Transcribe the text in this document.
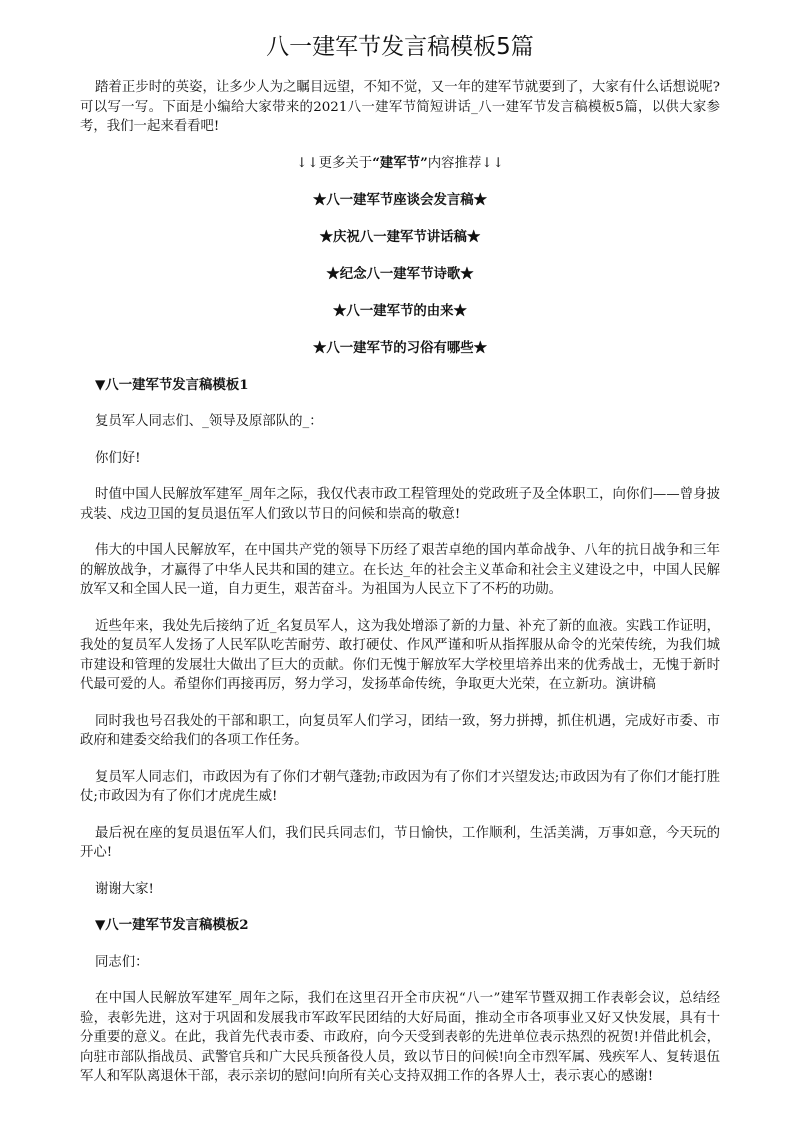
八一建军节发言稿模板5篇

踏着正步时的英姿，让多少人为之瞩目远望，不知不觉，又一年的建军节就要到了，大家有什么话想说呢?可以写一写。下面是小编给大家带来的2021八一建军节简短讲话_八一建军节发言稿模板5篇，以供大家参考，我们一起来看看吧!

↓↓更多关于“建军节”内容推荐↓↓

★八一建军节座谈会发言稿★

★庆祝八一建军节讲话稿★

★纪念八一建军节诗歌★

★八一建军节的由来★

★八一建军节的习俗有哪些★

▼八一建军节发言稿模板1

复员军人同志们、_领导及原部队的_：

你们好!

时值中国人民解放军建军_周年之际，我仅代表市政工程管理处的党政班子及全体职工，向你们——曾身披戎装、戍边卫国的复员退伍军人们致以节日的问候和崇高的敬意!

伟大的中国人民解放军，在中国共产党的领导下历经了艰苦卓绝的国内革命战争、八年的抗日战争和三年的解放战争，才赢得了中华人民共和国的建立。在长达_年的社会主义革命和社会主义建设之中，中国人民解放军又和全国人民一道，自力更生，艰苦奋斗。为祖国为人民立下了不朽的功勋。

近些年来，我处先后接纳了近_名复员军人，这为我处增添了新的力量、补充了新的血液。实践工作证明，我处的复员军人发扬了人民军队吃苦耐劳、敢打硬仗、作风严谨和听从指挥服从命令的光荣传统，为我们城市建设和管理的发展壮大做出了巨大的贡献。你们无愧于解放军大学校里培养出来的优秀战士，无愧于新时代最可爱的人。希望你们再接再厉，努力学习，发扬革命传统，争取更大光荣，在立新功。演讲稿

同时我也号召我处的干部和职工，向复员军人们学习，团结一致，努力拼搏，抓住机遇，完成好市委、市政府和建委交给我们的各项工作任务。

复员军人同志们，市政因为有了你们才朝气蓬勃;市政因为有了你们才兴望发达;市政因为有了你们才能打胜仗;市政因为有了你们才虎虎生威!

最后祝在座的复员退伍军人们，我们民兵同志们，节日愉快，工作顺利，生活美满，万事如意，今天玩的开心!

谢谢大家!

▼八一建军节发言稿模板2

同志们：

在中国人民解放军建军_周年之际，我们在这里召开全市庆祝“八一”建军节暨双拥工作表彰会议，总结经验，表彰先进，这对于巩固和发展我市军政军民团结的大好局面，推动全市各项事业又好又快发展，具有十分重要的意义。在此，我首先代表市委、市政府，向今天受到表彰的先进单位表示热烈的祝贺!并借此机会，向驻市部队指战员、武警官兵和广大民兵预备役人员，致以节日的问候!向全市烈军属、残疾军人、复转退伍军人和军队离退休干部，表示亲切的慰问!向所有关心支持双拥工作的各界人士，表示衷心的感谢!
